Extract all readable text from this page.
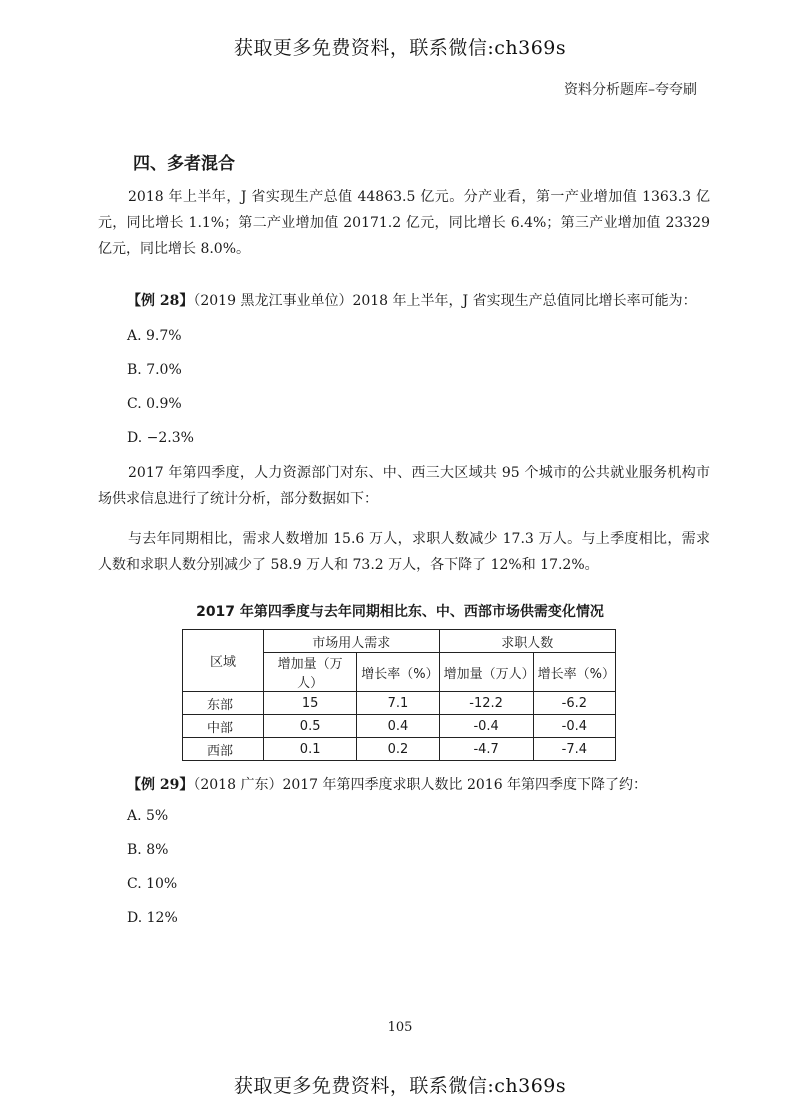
获取更多免费资料，联系微信:ch369s
资料分析题库–夸夸刷
四、多者混合
2018 年上半年，J 省实现生产总值 44863.5 亿元。分产业看，第一产业增加值 1363.3 亿元，同比增长 1.1%；第二产业增加值 20171.2 亿元，同比增长 6.4%；第三产业增加值 23329 亿元，同比增长 8.0%。
【例 28】（2019 黑龙江事业单位）2018 年上半年，J 省实现生产总值同比增长率可能为：
A. 9.7%
B. 7.0%
C. 0.9%
D. −2.3%
2017 年第四季度，人力资源部门对东、中、西三大区域共 95 个城市的公共就业服务机构市场供求信息进行了统计分析，部分数据如下：
与去年同期相比，需求人数增加 15.6 万人，求职人数减少 17.3 万人。与上季度相比，需求人数和求职人数分别减少了 58.9 万人和 73.2 万人，各下降了 12%和 17.2%。
2017 年第四季度与去年同期相比东、中、西部市场供需变化情况
区域	市场用人需求		求职人数	
	增加量（万人）	增长率（%）	增加量（万人）	增长率（%）
东部	15	7.1	-12.2	-6.2
中部	0.5	0.4	-0.4	-0.4
西部	0.1	0.2	-4.7	-7.4
【例 29】（2018 广东）2017 年第四季度求职人数比 2016 年第四季度下降了约：
A. 5%
B. 8%
C. 10%
D. 12%
105
获取更多免费资料，联系微信:ch369s
